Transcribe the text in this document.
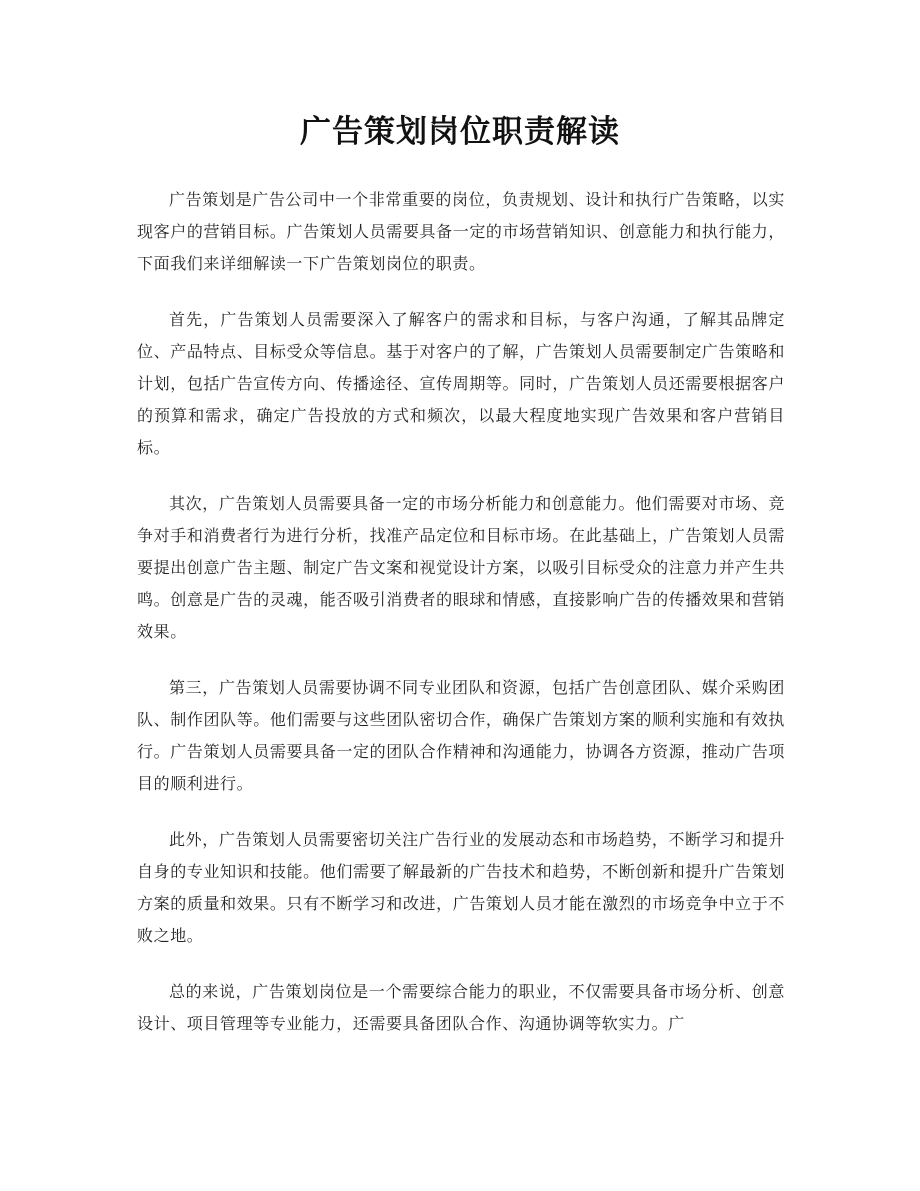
广告策划岗位职责解读

广告策划是广告公司中一个非常重要的岗位，负责规划、设计和执行广告策略，以实现客户的营销目标。广告策划人员需要具备一定的市场营销知识、创意能力和执行能力，下面我们来详细解读一下广告策划岗位的职责。

首先，广告策划人员需要深入了解客户的需求和目标，与客户沟通，了解其品牌定位、产品特点、目标受众等信息。基于对客户的了解，广告策划人员需要制定广告策略和计划，包括广告宣传方向、传播途径、宣传周期等。同时，广告策划人员还需要根据客户的预算和需求，确定广告投放的方式和频次，以最大程度地实现广告效果和客户营销目标。

其次，广告策划人员需要具备一定的市场分析能力和创意能力。他们需要对市场、竞争对手和消费者行为进行分析，找准产品定位和目标市场。在此基础上，广告策划人员需要提出创意广告主题、制定广告文案和视觉设计方案，以吸引目标受众的注意力并产生共鸣。创意是广告的灵魂，能否吸引消费者的眼球和情感，直接影响广告的传播效果和营销效果。

第三，广告策划人员需要协调不同专业团队和资源，包括广告创意团队、媒介采购团队、制作团队等。他们需要与这些团队密切合作，确保广告策划方案的顺利实施和有效执行。广告策划人员需要具备一定的团队合作精神和沟通能力，协调各方资源，推动广告项目的顺利进行。

此外，广告策划人员需要密切关注广告行业的发展动态和市场趋势，不断学习和提升自身的专业知识和技能。他们需要了解最新的广告技术和趋势，不断创新和提升广告策划方案的质量和效果。只有不断学习和改进，广告策划人员才能在激烈的市场竞争中立于不败之地。

总的来说，广告策划岗位是一个需要综合能力的职业，不仅需要具备市场分析、创意设计、项目管理等专业能力，还需要具备团队合作、沟通协调等软实力。广
